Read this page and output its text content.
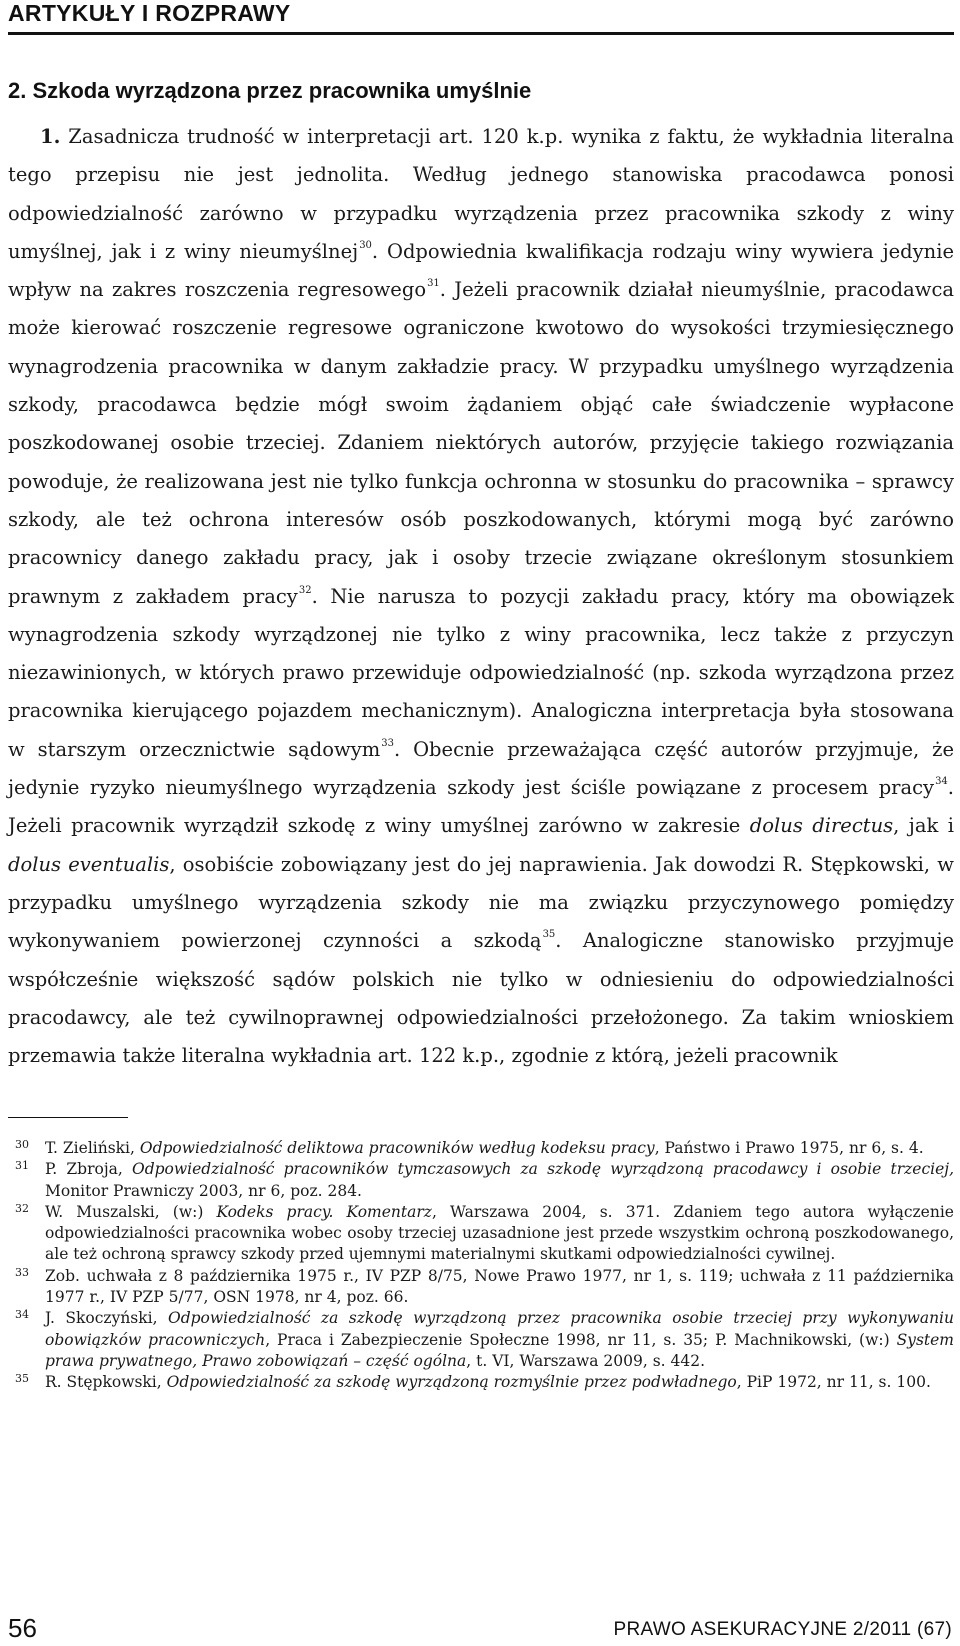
ARTYKUŁY I ROZPRAWY
2. Szkoda wyrządzona przez pracownika umyślnie

1. Zasadnicza trudność w interpretacji art. 120 k.p. wynika z faktu, że wykładnia literalna tego przepisu nie jest jednolita. Według jednego stanowiska pracodawca ponosi odpowiedzialność zarówno w przypadku wyrządzenia przez pracownika szkody z winy umyślnej, jak i z winy nieumyślnej$^{30}$. Odpowiednia kwalifikacja rodzaju winy wywiera jedynie wpływ na zakres roszczenia regresowego$^{31}$. Jeżeli pracownik działał nieumyślnie, pracodawca może kierować roszczenie regresowe ograniczone kwotowo do wysokości trzymiesięcznego wynagrodzenia pracownika w danym zakładzie pracy. W przypadku umyślnego wyrządzenia szkody, pracodawca będzie mógł swoim żądaniem objąć całe świadczenie wypłacone poszkodowanej osobie trzeciej. Zdaniem niektórych autorów, przyjęcie takiego rozwiązania powoduje, że realizowana jest nie tylko funkcja ochronna w stosunku do pracownika – sprawcy szkody, ale też ochrona interesów osób poszkodowanych, którymi mogą być zarówno pracownicy danego zakładu pracy, jak i osoby trzecie związane określonym stosunkiem prawnym z zakładem pracy$^{32}$. Nie narusza to pozycji zakładu pracy, który ma obowiązek wynagrodzenia szkody wyrządzonej nie tylko z winy pracownika, lecz także z przyczyn niezawinionych, w których prawo przewiduje odpowiedzialność (np. szkoda wyrządzona przez pracownika kierującego pojazdem mechanicznym). Analogiczna interpretacja była stosowana w starszym orzecznictwie sądowym$^{33}$. Obecnie przeważająca część autorów przyjmuje, że jedynie ryzyko nieumyślnego wyrządzenia szkody jest ściśle powiązane z procesem pracy$^{34}$. Jeżeli pracownik wyrządził szkodę z winy umyślnej zarówno w zakresie dolus directus, jak i dolus eventualis, osobiście zobowiązany jest do jej naprawienia. Jak dowodzi R. Stępkowski, w przypadku umyślnego wyrządzenia szkody nie ma związku przyczynowego pomiędzy wykonywaniem powierzonej czynności a szkodą$^{35}$. Analogiczne stanowisko przyjmuje współcześnie większość sądów polskich nie tylko w odniesieniu do odpowiedzialności pracodawcy, ale też cywilnoprawnej odpowiedzialności przełożonego. Za takim wnioskiem przemawia także literalna wykładnia art. 122 k.p., zgodnie z którą, jeżeli pracownik

30 T. Zieliński, Odpowiedzialność deliktowa pracowników według kodeksu pracy, Państwo i Prawo 1975, nr 6, s. 4.
31 P. Zbroja, Odpowiedzialność pracowników tymczasowych za szkodę wyrządzoną pracodawcy i osobie trzeciej, Monitor Prawniczy 2003, nr 6, poz. 284.
32 W. Muszalski, (w:) Kodeks pracy. Komentarz, Warszawa 2004, s. 371. Zdaniem tego autora wyłączenie odpowiedzialności pracownika wobec osoby trzeciej uzasadnione jest przede wszystkim ochroną poszkodowanego, ale też ochroną sprawcy szkody przed ujemnymi materialnymi skutkami odpowiedzialności cywilnej.
33 Zob. uchwała z 8 października 1975 r., IV PZP 8/75, Nowe Prawo 1977, nr 1, s. 119; uchwała z 11 października 1977 r., IV PZP 5/77, OSN 1978, nr 4, poz. 66.
34 J. Skoczyński, Odpowiedzialność za szkodę wyrządzoną przez pracownika osobie trzeciej przy wykonywaniu obowiązków pracowniczych, Praca i Zabezpieczenie Społeczne 1998, nr 11, s. 35; P. Machnikowski, (w:) System prawa prywatnego, Prawo zobowiązań – część ogólna, t. VI, Warszawa 2009, s. 442.
35 R. Stępkowski, Odpowiedzialność za szkodę wyrządzoną rozmyślnie przez podwładnego, PiP 1972, nr 11, s. 100.
56	PRAWO ASEKURACYJNE 2/2011 (67)
